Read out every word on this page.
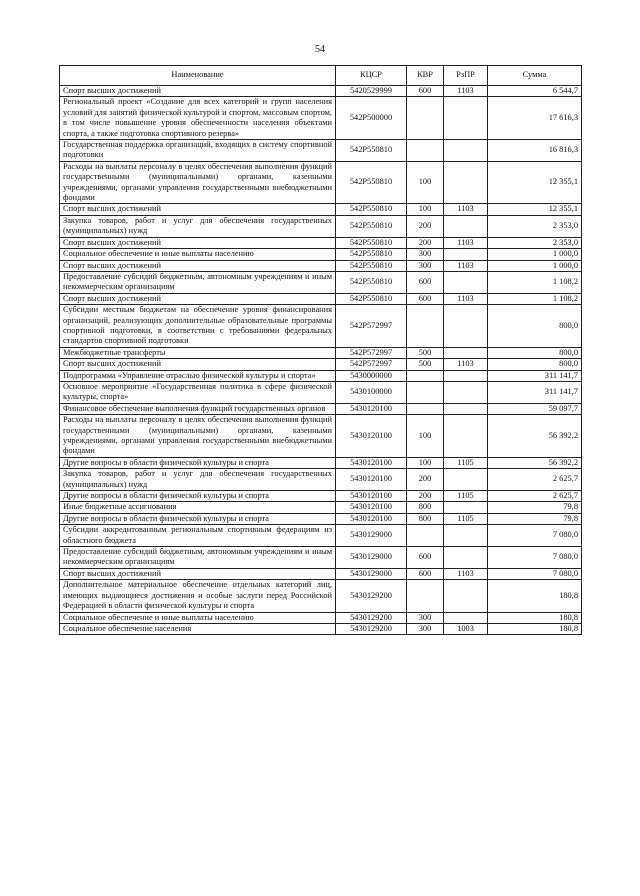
54
Наименование	КЦСР	КВР	РзПР	Сумма
Спорт высших достижений	5420529999	600	1103	6 544,7
Региональный проект «Создание для всех категорий и групп населения условий для занятий физической культурой и спортом, массовым спортом, в том числе повышение уровня обеспеченности населения объектами спорта, а также подготовка спортивного резерва»	542P500000			17 616,3
Государственная поддержка организаций, входящих в систему спортивной подготовки	542P550810			16 816,3
Расходы на выплаты персоналу в целях обеспечения выполнения функций государственными (муниципальными) органами, казенными учреждениями, органами управления государственными внебюджетными фондами	542P550810	100		12 355,1
Спорт высших достижений	542P550810	100	1103	12 355,1
Закупка товаров, работ и услуг для обеспечения государственных (муниципальных) нужд	542P550810	200		2 353,0
Спорт высших достижений	542P550810	200	1103	2 353,0
Социальное обеспечение и иные выплаты населению	542P550810	300		1 000,0
Спорт высших достижений	542P550810	300	1103	1 000,0
Предоставление субсидий бюджетным, автономным учреждениям и иным некоммерческим организациям	542P550810	600		1 108,2
Спорт высших достижений	542P550810	600	1103	1 108,2
Субсидии местным бюджетам на обеспечение уровня финансирования организаций, реализующих дополнительные образовательные программы спортивной подготовки, в соответствии с требованиями федеральных стандартов спортивной подготовки	542P572997			800,0
Межбюджетные трансферты	542P572997	500		800,0
Спорт высших достижений	542P572997	500	1103	800,0
Подпрограмма «Управление отраслью физической культуры и спорта»	5430000000			311 141,7
Основное мероприятие «Государственная политика в сфере физической культуры, спорта»	5430100000			311 141,7
Финансовое обеспечение выполнения функций государственных органов	5430120100			59 097,7
Расходы на выплаты персоналу в целях обеспечения выполнения функций государственными (муниципальными) органами, казенными учреждениями, органами управления государственными внебюджетными фондами	5430120100	100		56 392,2
Другие вопросы в области физической культуры и спорта	5430120100	100	1105	56 392,2
Закупка товаров, работ и услуг для обеспечения государственных (муниципальных) нужд	5430120100	200		2 625,7
Другие вопросы в области физической культуры и спорта	5430120100	200	1105	2 625,7
Иные бюджетные ассигнования	5430120100	800		79,8
Другие вопросы в области физической культуры и спорта	5430120100	800	1105	79,8
Субсидии аккредитованным региональным спортивным федерациям из областного бюджета	5430129000			7 080,0
Предоставление субсидий бюджетным, автономным учреждениям и иным некоммерческим организациям	5430129000	600		7 080,0
Спорт высших достижений	5430129000	600	1103	7 080,0
Дополнительное материальное обеспечение отдельных категорий лиц, имеющих выдающиеся достижения и особые заслуги перед Российской Федерацией в области физической культуры и спорта	5430129200			180,8
Социальное обеспечение и иные выплаты населению	5430129200	300		180,8
Социальное обеспечение населения	5430129200	300	1003	180,8
